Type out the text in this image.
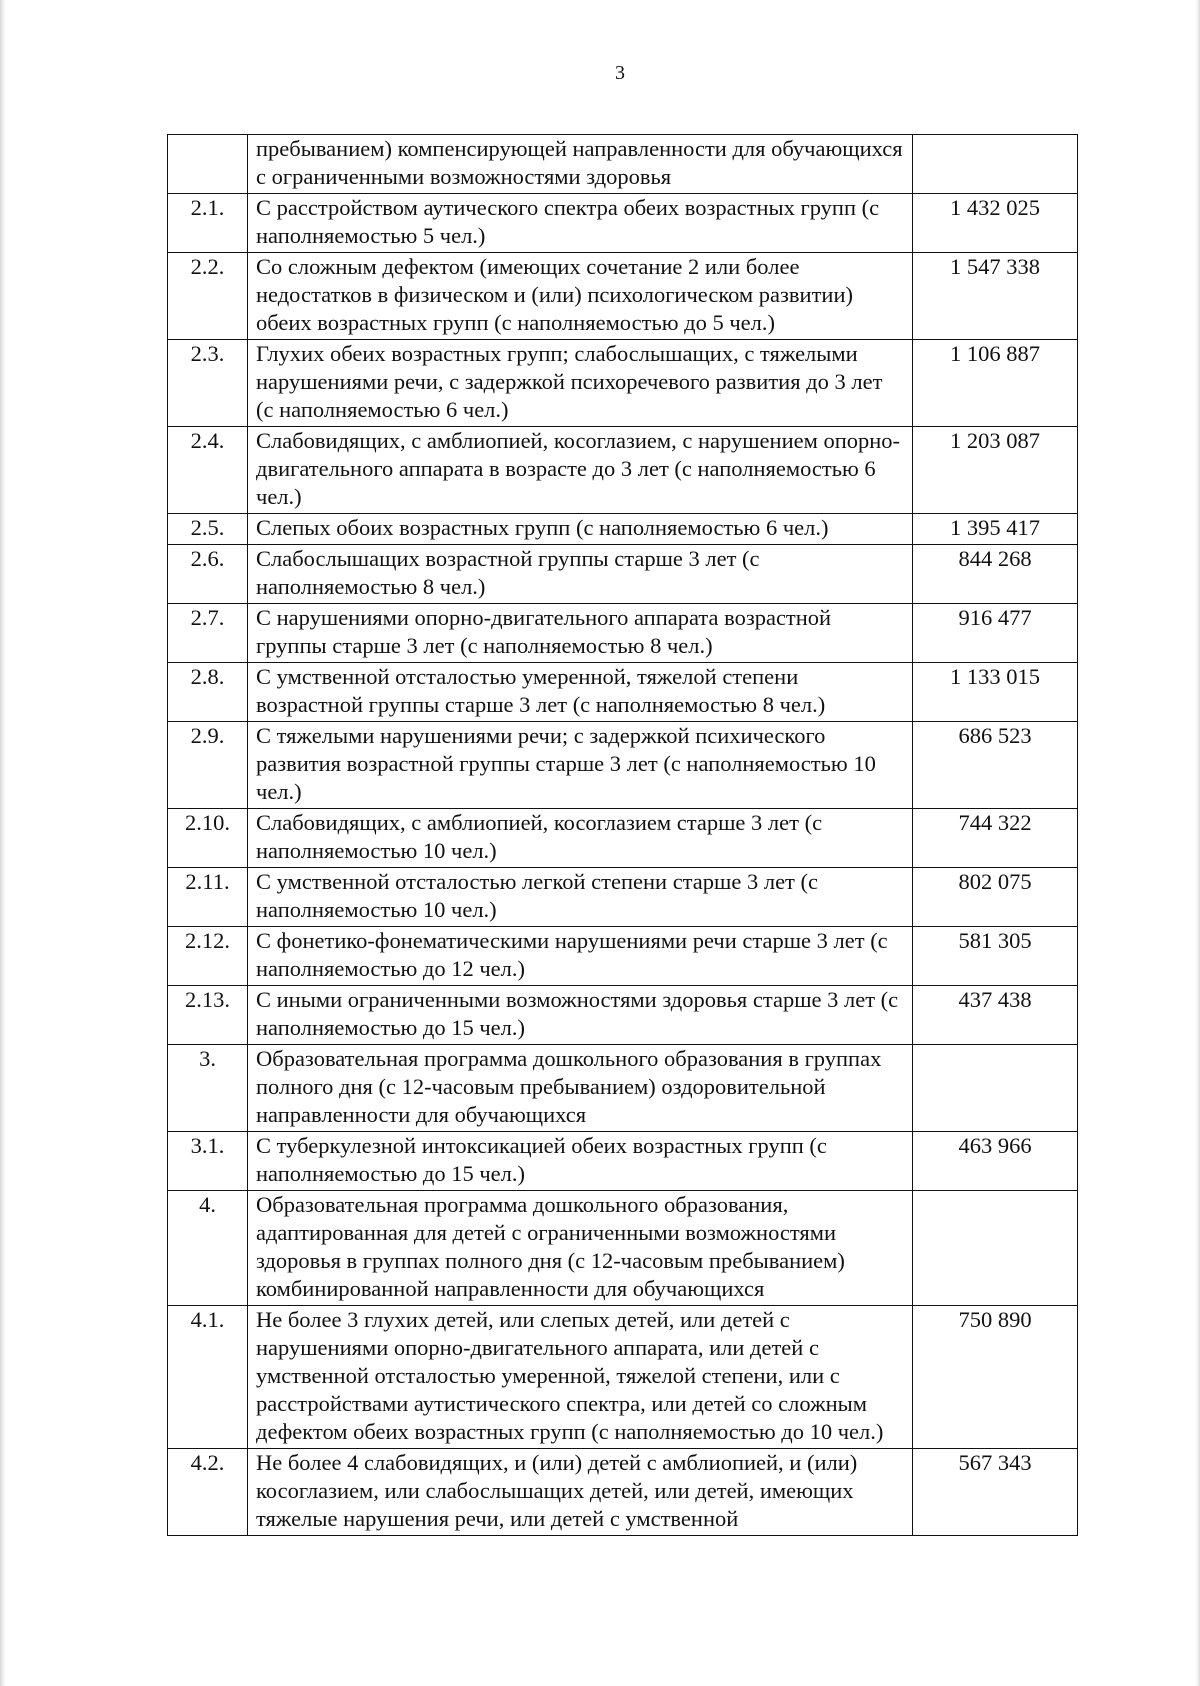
3
	пребыванием) компенсирующей направленности для обучающихся с ограниченными возможностями здоровья	
2.1.	С расстройством аутического спектра обеих возрастных групп (с наполняемостью 5 чел.)	1 432 025
2.2.	Со сложным дефектом (имеющих сочетание 2 или более недостатков в физическом и (или) психологическом развитии) обеих возрастных групп (с наполняемостью до 5 чел.)	1 547 338
2.3.	Глухих обеих возрастных групп; слабослышащих, с тяжелыми нарушениями речи, с задержкой психоречевого развития до 3 лет (с наполняемостью 6 чел.)	1 106 887
2.4.	Слабовидящих, с амблиопией, косоглазием, с нарушением опорно-двигательного аппарата в возрасте до 3 лет (с наполняемостью 6 чел.)	1 203 087
2.5.	Слепых обоих возрастных групп (с наполняемостью 6 чел.)	1 395 417
2.6.	Слабослышащих возрастной группы старше 3 лет (с наполняемостью 8 чел.)	844 268
2.7.	С нарушениями опорно-двигательного аппарата возрастной группы старше 3 лет (с наполняемостью 8 чел.)	916 477
2.8.	С умственной отсталостью умеренной, тяжелой степени возрастной группы старше 3 лет (с наполняемостью 8 чел.)	1 133 015
2.9.	С тяжелыми нарушениями речи; с задержкой психического развития возрастной группы старше 3 лет (с наполняемостью 10 чел.)	686 523
2.10.	Слабовидящих, с амблиопией, косоглазием старше 3 лет (с наполняемостью 10 чел.)	744 322
2.11.	С умственной отсталостью легкой степени старше 3 лет (с наполняемостью 10 чел.)	802 075
2.12.	С фонетико-фонематическими нарушениями речи старше 3 лет (с наполняемостью до 12 чел.)	581 305
2.13.	С иными ограниченными возможностями здоровья старше 3 лет (с наполняемостью до 15 чел.)	437 438
3.	Образовательная программа дошкольного образования в группах полного дня (с 12-часовым пребыванием) оздоровительной направленности для обучающихся	
3.1.	С туберкулезной интоксикацией обеих возрастных групп (с наполняемостью до 15 чел.)	463 966
4.	Образовательная программа дошкольного образования, адаптированная для детей с ограниченными возможностями здоровья в группах полного дня (с 12-часовым пребыванием) комбинированной направленности для обучающихся	
4.1.	Не более 3 глухих детей, или слепых детей, или детей с нарушениями опорно-двигательного аппарата, или детей с умственной отсталостью умеренной, тяжелой степени, или с расстройствами аутистического спектра, или детей со сложным дефектом обеих возрастных групп (с наполняемостью до 10 чел.)	750 890
4.2.	Не более 4 слабовидящих, и (или) детей с амблиопией, и (или) косоглазием, или слабослышащих детей, или детей, имеющих тяжелые нарушения речи, или детей с умственной	567 343
